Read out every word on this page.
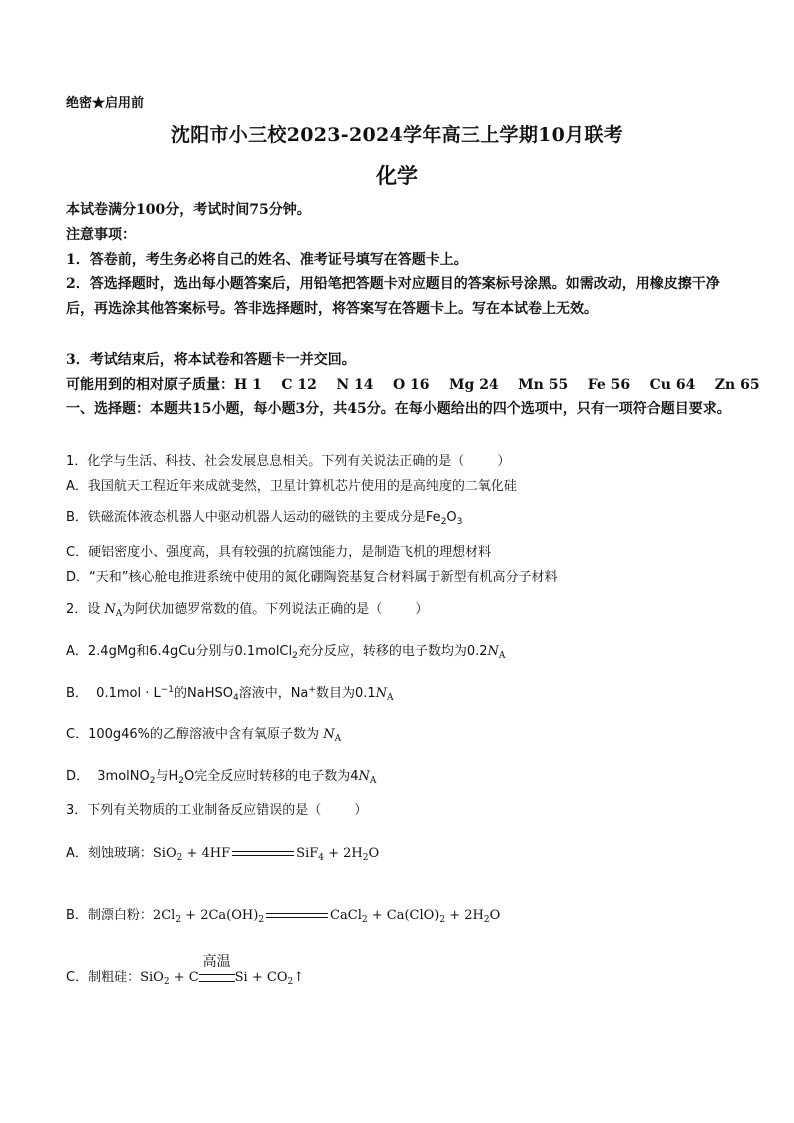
绝密★启用前
沈阳市小三校2023-2024学年高三上学期10月联考
化学
本试卷满分100分，考试时间75分钟。
注意事项：
1．答卷前，考生务必将自己的姓名、准考证号填写在答题卡上。
2．答选择题时，选出每小题答案后，用铅笔把答题卡对应题目的答案标号涂黑。如需改动，用橡皮擦干净后，再选涂其他答案标号。答非选择题时，将答案写在答题卡上。写在本试卷上无效。
3．考试结束后，将本试卷和答题卡一并交回。
可能用到的相对原子质量：H 1    C 12    N 14    O 16    Mg 24    Mn 55    Fe 56    Cu 64    Zn 65
一、选择题：本题共15小题，每小题3分，共45分。在每小题给出的四个选项中，只有一项符合题目要求。
1．化学与生活、科技、社会发展息息相关。下列有关说法正确的是（        ）
A．我国航天工程近年来成就斐然，卫星计算机芯片使用的是高纯度的二氧化硅
B．铁磁流体液态机器人中驱动机器人运动的磁铁的主要成分是$Fe_2O_3$
C．硬铝密度小、强度高，具有较强的抗腐蚀能力，是制造飞机的理想材料
D．“天和”核心舱电推进系统中使用的氮化硼陶瓷基复合材料属于新型有机高分子材料
2．设 $N_A$为阿伏加德罗常数的值。下列说法正确的是（        ）
A．2.4gMg和6.4gCu分别与0.1molCl$_2$充分反应，转移的电子数均为$0.2N_A$
B．  $0.1mol \cdot L^{-1}$的NaHSO$_4$溶液中，Na+数目为$0.1N_A$
C．100g46%的乙醇溶液中含有氧原子数为 $N_A$
D．  3molNO$_2$与$H_2O$完全反应时转移的电子数为$4N_A$
3．下列有关物质的工业制备反应错误的是（        ）
A．刻蚀玻璃：SiO$_2$ + 4HF	$SiF_4 + 2H_2O$
B．制漂白粉：$2Cl_2 + 2Ca(OH)_2$	CaCl$_2$ + $Ca(ClO)_2 + 2H_2O$
C．制粗硅：SiO$_2$ + C
高温
$Si + CO_2↑$
